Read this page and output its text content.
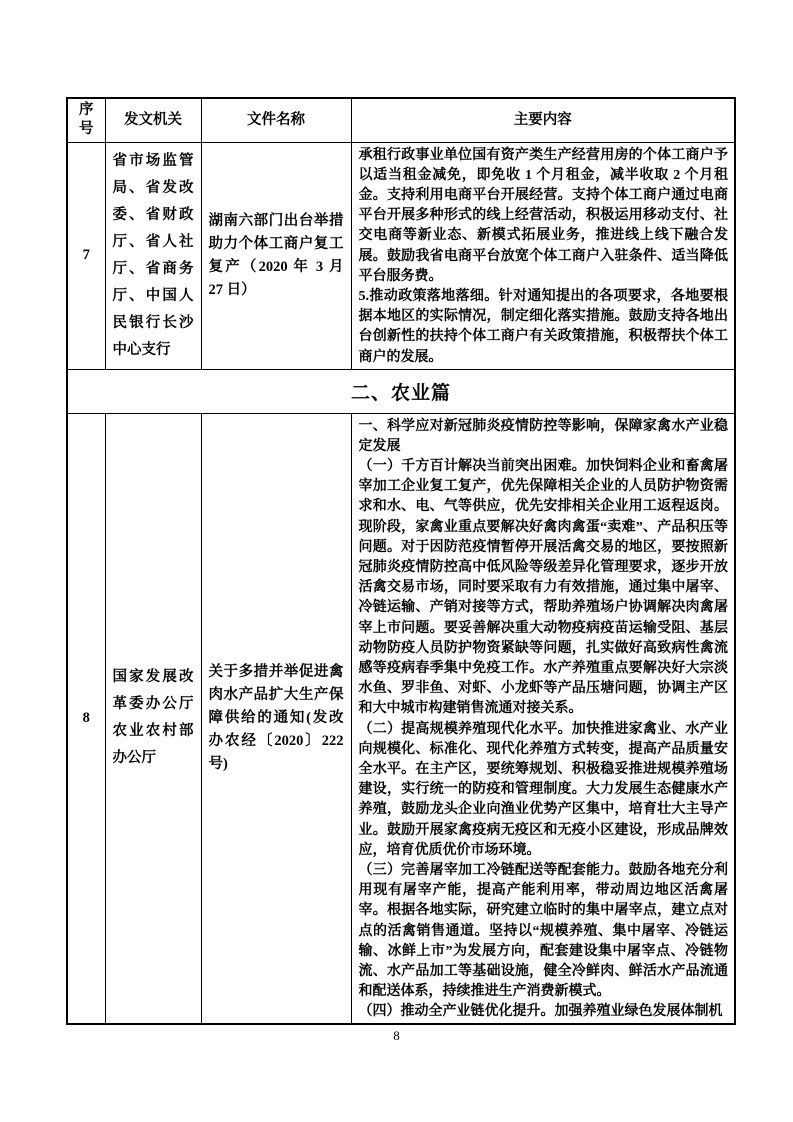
序号	发文机关	文件名称	主要内容
7	省市场监管局、省发改委、省财政厅、省人社厅、省商务厅、中国人民银行长沙中心支行	湖南六部门出台举措助力个体工商户复工复产（2020 年 3 月 27 日）	承租行政事业单位国有资产类生产经营用房的个体工商户予以适当租金减免，即免收 1 个月租金，减半收取 2 个月租金。支持利用电商平台开展经营。支持个体工商户通过电商平台开展多种形式的线上经营活动，积极运用移动支付、社交电商等新业态、新模式拓展业务，推进线上线下融合发展。鼓励我省电商平台放宽个体工商户入驻条件、适当降低平台服务费。
5.推动政策落地落细。针对通知提出的各项要求，各地要根据本地区的实际情况，制定细化落实措施。鼓励支持各地出台创新性的扶持个体工商户有关政策措施，积极帮扶个体工商户的发展。

二、农业篇			
8	国家发展改革委办公厅农业农村部办公厅	关于多措并举促进禽肉水产品扩大生产保障供给的通知(发改办农经〔2020〕222 号)	一、科学应对新冠肺炎疫情防控等影响，保障家禽水产业稳定发展
（一）千方百计解决当前突出困难。加快饲料企业和畜禽屠宰加工企业复工复产，优先保障相关企业的人员防护物资需求和水、电、气等供应，优先安排相关企业用工返程返岗。现阶段，家禽业重点要解决好禽肉禽蛋“卖难”、产品积压等问题。对于因防范疫情暂停开展活禽交易的地区，要按照新冠肺炎疫情防控高中低风险等级差异化管理要求，逐步开放活禽交易市场，同时要采取有力有效措施，通过集中屠宰、冷链运输、产销对接等方式，帮助养殖场户协调解决肉禽屠宰上市问题。要妥善解决重大动物疫病疫苗运输受阻、基层动物防疫人员防护物资紧缺等问题，扎实做好高致病性禽流感等疫病春季集中免疫工作。水产养殖重点要解决好大宗淡水鱼、罗非鱼、对虾、小龙虾等产品压塘问题，协调主产区和大中城市构建销售流通对接关系。
（二）提高规模养殖现代化水平。加快推进家禽业、水产业向规模化、标准化、现代化养殖方式转变，提高产品质量安全水平。在主产区，要统筹规划、积极稳妥推进规模养殖场建设，实行统一的防疫和管理制度。大力发展生态健康水产养殖，鼓励龙头企业向渔业优势产区集中，培育壮大主导产业。鼓励开展家禽疫病无疫区和无疫小区建设，形成品牌效应，培育优质优价市场环境。
（三）完善屠宰加工冷链配送等配套能力。鼓励各地充分利用现有屠宰产能，提高产能利用率，带动周边地区活禽屠宰。根据各地实际，研究建立临时的集中屠宰点，建立点对点的活禽销售通道。坚持以“规模养殖、集中屠宰、冷链运输、冰鲜上市”为发展方向，配套建设集中屠宰点、冷链物流、水产品加工等基础设施，健全冷鲜肉、鲜活水产品流通和配送体系，持续推进生产消费新模式。
（四）推动全产业链优化提升。加强养殖业绿色发展体制机
8
